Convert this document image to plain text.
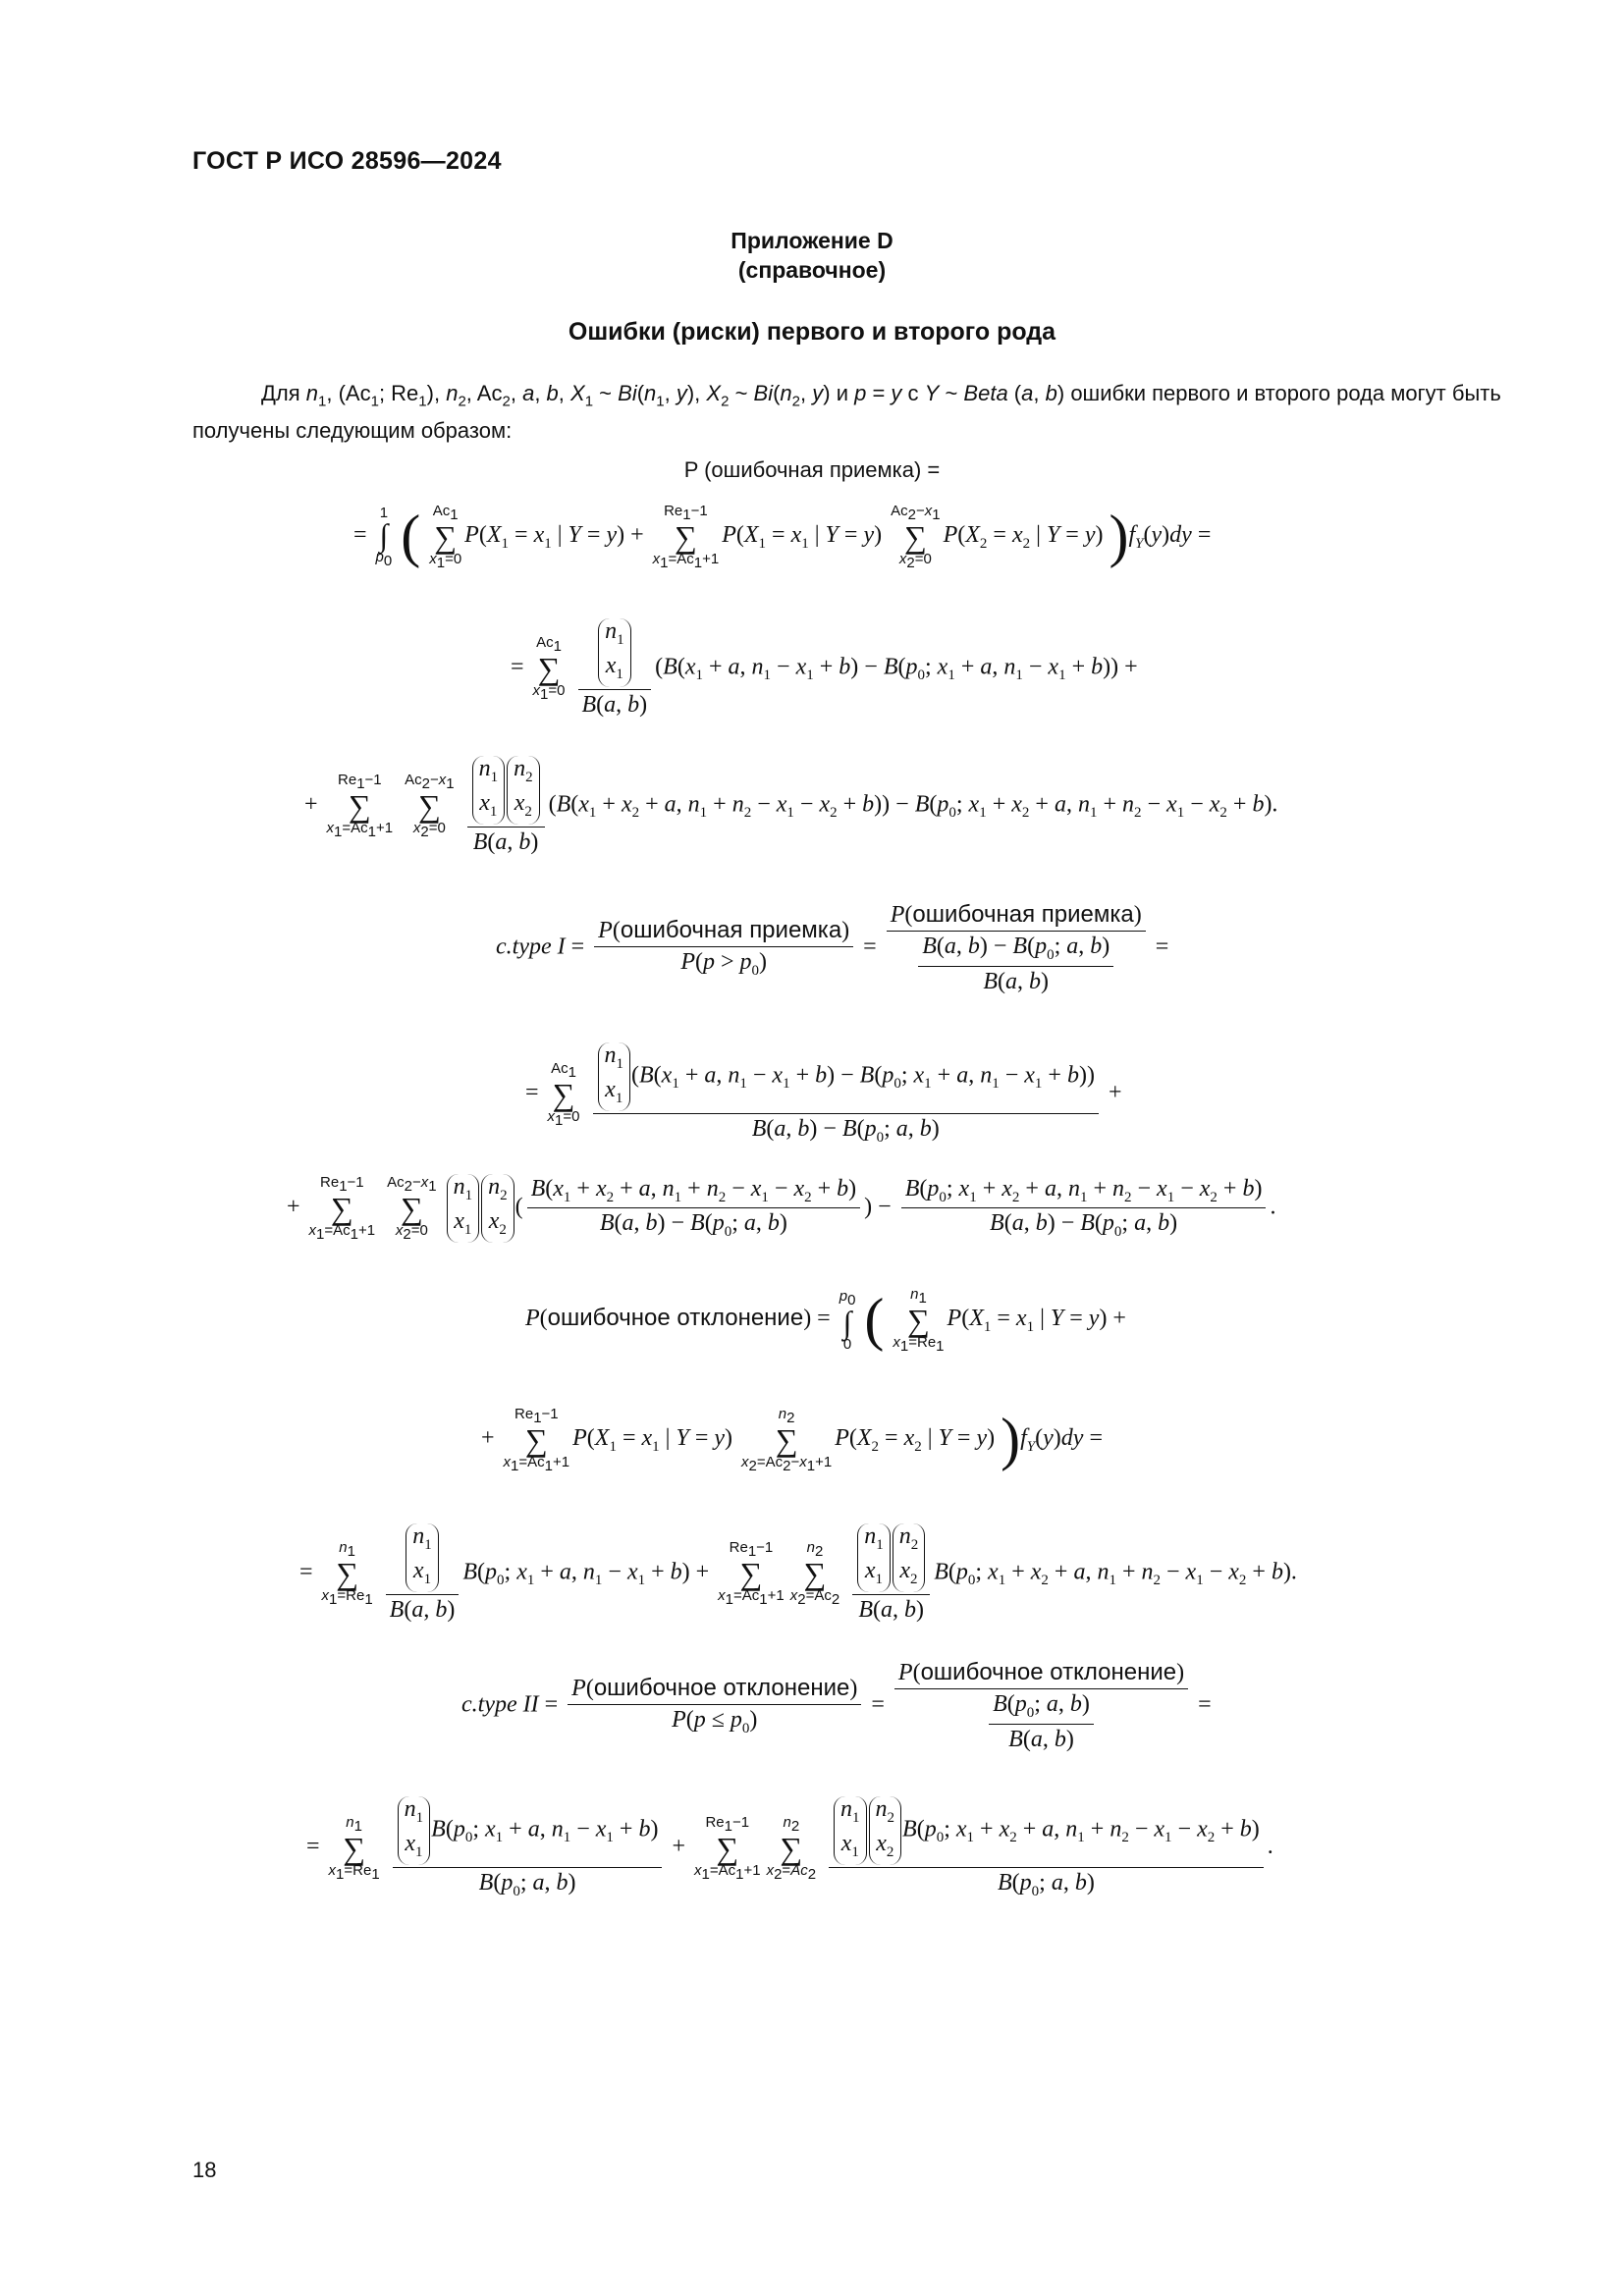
ГОСТ Р ИСО 28596—2024
Приложение D
(справочное)
Ошибки (риски) первого и второго рода
Для $n_1$, ($Ac_1$; $Re_1$), $n_2$, $Ac_2$, a, b, $X_1$ ~ $Bi(n_1$, y), $X_2$ ~ $Bi(n_2$, y) и p = y с Y ~ Beta (a, b) ошибки первого и второго рода могут быть получены следующим образом:
P (ошибочная приемка) =
=
1
∫
$p_0$ ( $Ac_1$
∑
$x_1=0$
$P(X_1 = x_1$ | Y = y) +
$Re_1-1$
∑
$x_1=Ac_1+1$
$P(X_1 = x_1$ | Y = y)
$Ac_2-x_1$
∑
$x_2=0$
$P(X_2 = x_2$ | Y = y) )$f_Y(y)dy$ =
=
$Ac_1$
∑
$x_1=0$
$n_1$
$x_1$
B(a, b) ($B(x_1 + a$, $n_1 - x_1 + b) - B(p_0$; $x_1 + a$, $n_1 - x_1 + b$)) +
+
$Re_1-1$
∑
$x_1=Ac_1+1$

$Ac_2-x_1$
∑
$x_2=0$
$n_1$
$x_1$
$n_2$
$x_2$
B(a, b) ($B(x_1 + x_2 + a$, $n_1 + n_2 - x_1 - x_2 + b)) - B(p_0$; $x_1 + x_2 + a$, $n_1 + n_2 - x_1 - x_2 + b$).
c.type $I = \frac{\text{P(ошибочная приемка)}}{P(p > p_0)} = \frac{\text{P(ошибочная приемка)}}{\frac{B(a, b) - B(p_0; a, b)}{B(a, b)}}$ =
=
$Ac_1$
∑
$x_1=0$
$n_1$
$x_1$
($B(x_1 + a$, $n_1 - x_1 + b) - B(p_0$; $x_1 + a$, $n_1 - x_1 + b$))
B(a, $b) - B(p_0$; a, b) +
+
$Re_1-1$
∑
$x_1=Ac_1+1$

$Ac_2-x_1$
∑
$x_2=0$

$n_1$
$x_1$
$n_2$
$x_2$
( $\frac{B(x_1 + x_2 + a, n_1 + n_2 - x_1 - x_2 + b)}{B(a, b) - B(p_0; a, b)}$ ) − $\frac{B(p_0; x_1 + x_2 + a, n_1 + n_2 - x_1 - x_2 + b)}{B(a, b) - B(p_0; a, b)}$ .
P(ошибочное отклонение) =
$p_0$
∫
0 (	$n_1$
∑
$x_1=Re_1$
$P(X_1 = x_1$ | Y = y) +
+
$Re_1-1$
∑
$x_1=Ac_1+1$
$P(X_1 = x_1$ | Y = y)
$n_2$
∑
$x_2=Ac_2-x_1+1$
$P(X_2 = x_2$ | Y = y) )$f_Y(y)dy$ =
=
$n_1$
∑
$x_1=Re_1$
$n_1$
$x_1$
B(a, b) $B(p_0$; $x_1 + a$, $n_1 - x_1 + b$) +
$Re_1-1$
∑
$x_1=Ac_1+1$
$n_2$
∑
$x_2=Ac_2$
$n_1$
$x_1$
$n_2$
$x_2$
B(a, b) $B(p_0$; $x_1 + x_2 + a$, $n_1 + n_2 - x_1 - x_2 + b$).
c.type II = $\frac{\text{P(ошибочное отклонение)}}{P(p \le p_0)} = \frac{\text{P(ошибочное отклонение)}}{\frac{B(p_0; a, b)}{B(a, b)}}$ =
=
$n_1$
∑
$x_1=Re_1$
$n_1$
$x_1$
$B(p_0$; $x_1 + a$, $n_1 - x_1 + b$)
$B(p_0$; a, b) +
$Re_1-1$
∑
$x_1=Ac_1+1$
$n_2$
∑
$x_2=Ac_2$
$n_1$
$x_1$
$n_2$
$x_2$
$B(p_0$; $x_1 + x_2 + a$, $n_1 + n_2 - x_1 - x_2 + b$)
$B(p_0$; a, b) .
18
